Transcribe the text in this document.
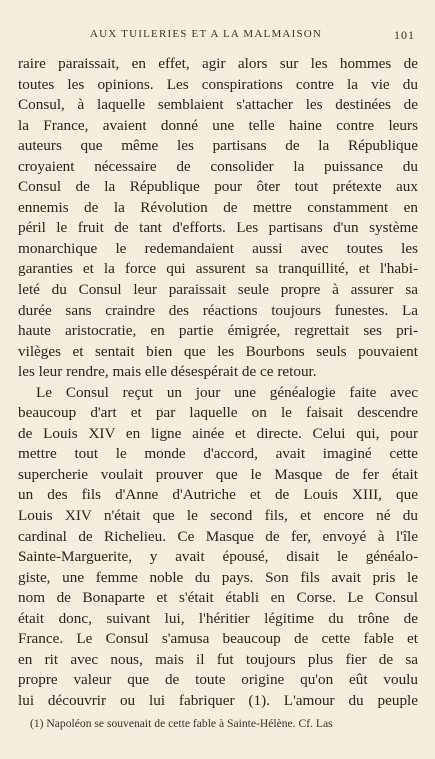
AUX TUILERIES ET A LA MALMAISON	101
raire paraissait, en effet, agir alors sur les hommes de
toutes les opinions. Les conspirations contre la vie du
Consul, à laquelle semblaient s'attacher les destinées de
la France, avaient donné une telle haine contre leurs
auteurs que même les partisans de la République
croyaient nécessaire de consolider la puissance du
Consul de la République pour ôter tout prétexte aux
ennemis de la Révolution de mettre constamment en
péril le fruit de tant d'efforts. Les partisans d'un système
monarchique le redemandaient aussi avec toutes les
garanties et la force qui assurent sa tranquillité, et l'habi-
leté du Consul leur paraissait seule propre à assurer sa
durée sans craindre des réactions toujours funestes. La
haute aristocratie, en partie émigrée, regrettait ses pri-
vilèges et sentait bien que les Bourbons seuls pouvaient
les leur rendre, mais elle désespérait de ce retour.
Le Consul reçut un jour une généalogie faite avec
beaucoup d'art et par laquelle on le faisait descendre
de Louis XIV en ligne ainée et directe. Celui qui, pour
mettre tout le monde d'accord, avait imaginé cette
supercherie voulait prouver que le Masque de fer était
un des fils d'Anne d'Autriche et de Louis XIII, que
Louis XIV n'était que le second fils, et encore né du
cardinal de Richelieu. Ce Masque de fer, envoyé à l'île
Sainte-Marguerite, y avait épousé, disait le généalo-
giste, une femme noble du pays. Son fils avait pris le
nom de Bonaparte et s'était établi en Corse. Le Consul
était donc, suivant lui, l'héritier légitime du trône de
France. Le Consul s'amusa beaucoup de cette fable et
en rit avec nous, mais il fut toujours plus fier de sa
propre valeur que de toute origine qu'on eût voulu
lui découvrir ou lui fabriquer (1). L'amour du peuple
(1) Napoléon se souvenait de cette fable à Sainte-Hélène. Cf. Las
